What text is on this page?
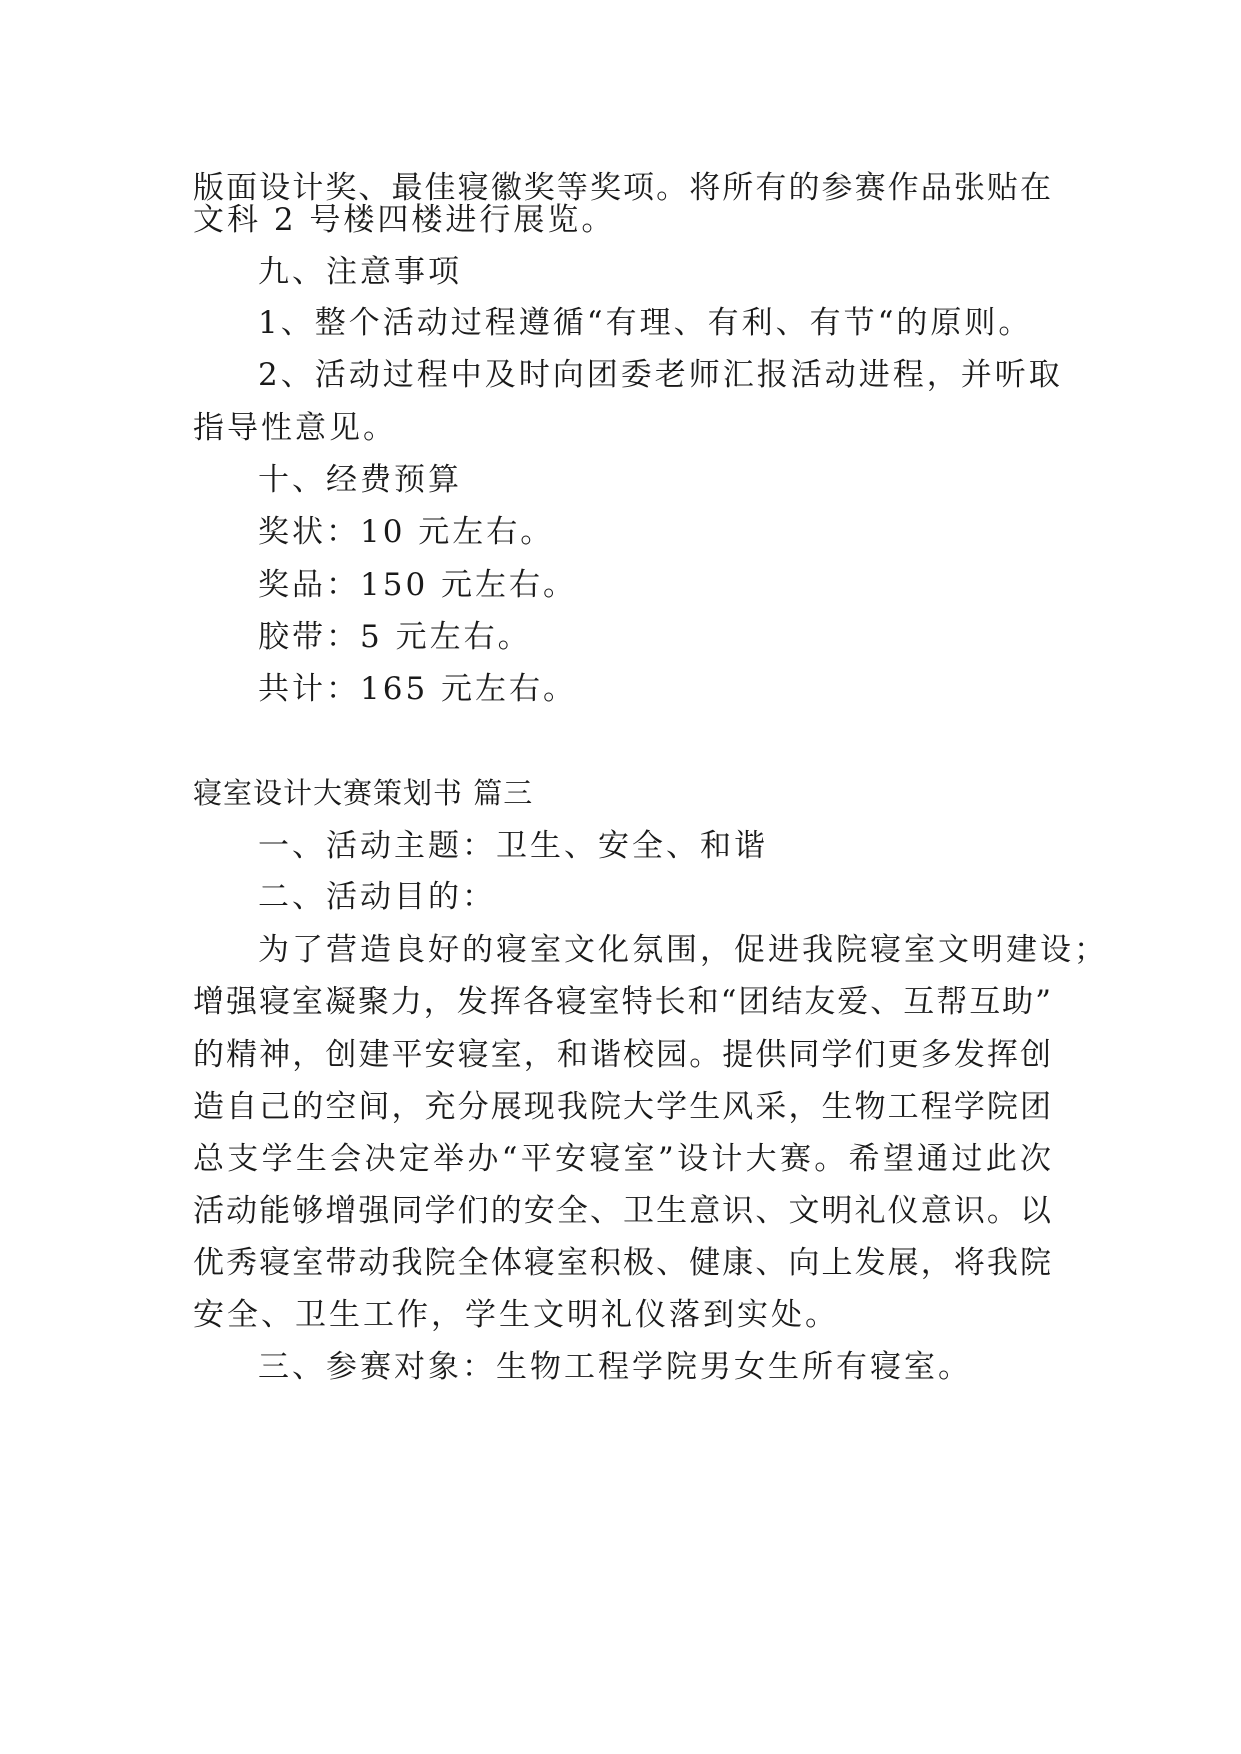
版面设计奖、最佳寝徽奖等奖项。将所有的参赛作品张贴在
文科 2 号楼四楼进行展览。
九、注意事项
1、整个活动过程遵循“有理、有利、有节“的原则。
2、活动过程中及时向团委老师汇报活动进程，并听取
指导性意见。
十、经费预算
奖状：10 元左右。
奖品：150 元左右。
胶带：5 元左右。
共计：165 元左右。
寝室设计大赛策划书 篇三
一、活动主题：卫生、安全、和谐
二、活动目的：
为了营造良好的寝室文化氛围，促进我院寝室文明建设；
增强寝室凝聚力，发挥各寝室特长和“团结友爱、互帮互助”
的精神，创建平安寝室，和谐校园。提供同学们更多发挥创
造自己的空间，充分展现我院大学生风采，生物工程学院团
总支学生会决定举办“平安寝室”设计大赛。希望通过此次
活动能够增强同学们的安全、卫生意识、文明礼仪意识。以
优秀寝室带动我院全体寝室积极、健康、向上发展，将我院
安全、卫生工作，学生文明礼仪落到实处。
三、参赛对象：生物工程学院男女生所有寝室。
